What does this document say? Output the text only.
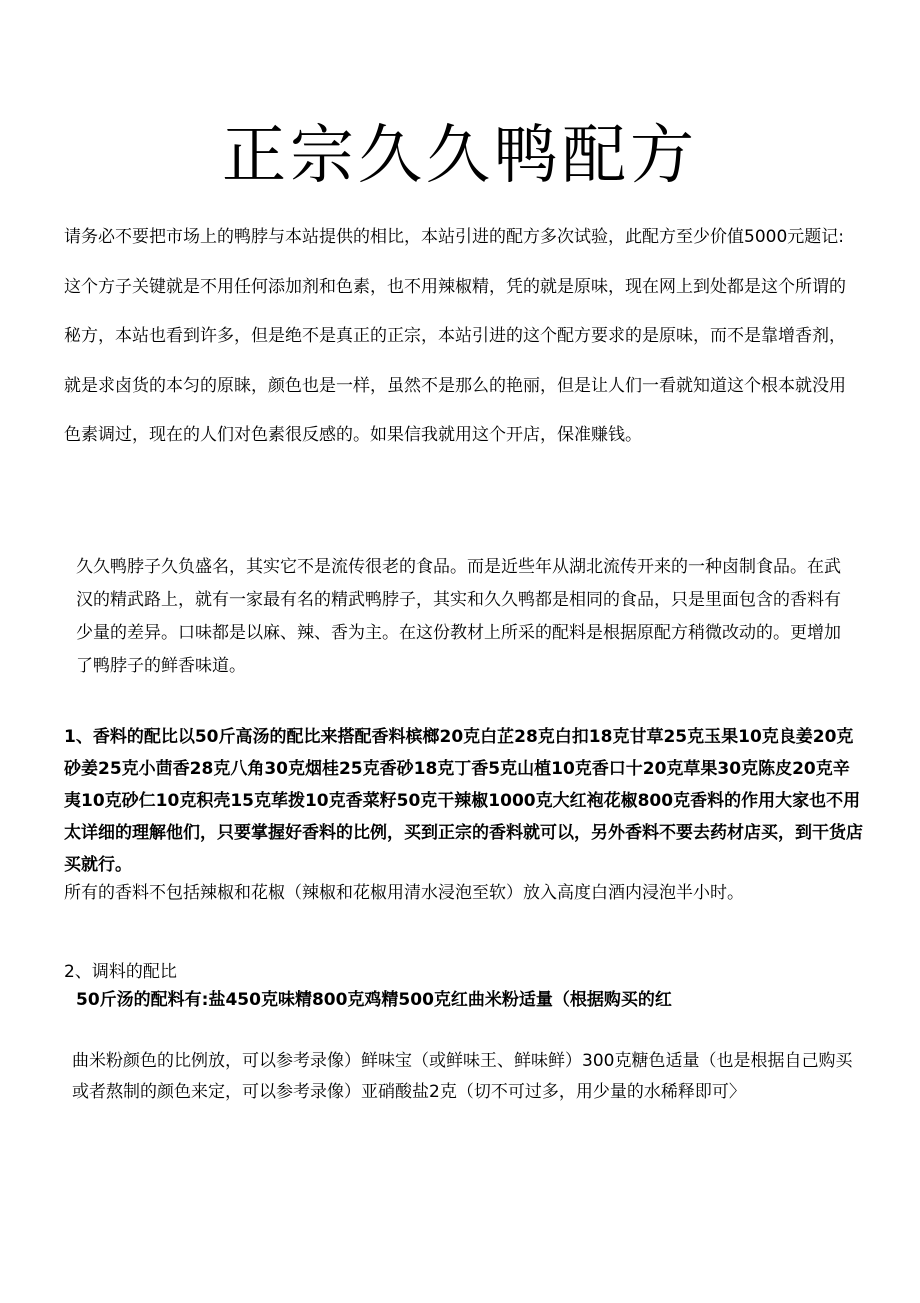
正宗久久鸭配方

请务必不要把市场上的鸭脖与本站提供的相比，本站引进的配方多次试验，此配方至少价值5000元题记:这个方子关键就是不用任何添加剂和色素，也不用辣椒精，凭的就是原味，现在网上到处都是这个所谓的秘方，本站也看到许多，但是绝不是真正的正宗，本站引进的这个配方要求的是原味，而不是靠增香剂，就是求卤货的本匀的原睐，颜色也是一样，虽然不是那么的艳丽，但是让人们一看就知道这个根本就没用色素调过，现在的人们对色素很反感的。如果信我就用这个开店，保准赚钱。

久久鸭脖子久负盛名，其实它不是流传很老的食品。而是近些年从湖北流传开来的一种卤制食品。在武汉的精武路上，就有一家最有名的精武鸭脖子，其实和久久鸭都是相同的食品，只是里面包含的香料有少量的差异。口味都是以麻、辣、香为主。在这份教材上所采的配料是根据原配方稍微改动的。更增加了鸭脖子的鲜香味道。

1、香料的配比以50斤高汤的配比来搭配香料槟榔20克白芷28克白扣18克甘草25克玉果10克良姜20克砂姜25克小茴香28克八角30克烟桂25克香砂18克丁香5克山植10克香口十20克草果30克陈皮20克辛夷10克砂仁10克积壳15克荜拨10克香菜籽50克干辣椒1000克大红袍花椒800克香料的作用大家也不用太详细的理解他们，只要掌握好香料的比例，买到正宗的香料就可以，另外香料不要去药材店买，到干货店买就行。

所有的香料不包括辣椒和花椒（辣椒和花椒用清水浸泡至软）放入高度白酒内浸泡半小时。

2、调料的配比

50斤汤的配料有:盐450克味精800克鸡精500克红曲米粉适量（根据购买的红

曲米粉颜色的比例放，可以参考录像）鲜味宝（或鲜味王、鲜味鲜）300克糖色适量（也是根据自己购买或者熬制的颜色来定，可以参考录像）亚硝酸盐2克（切不可过多，用少量的水稀释即可〉
